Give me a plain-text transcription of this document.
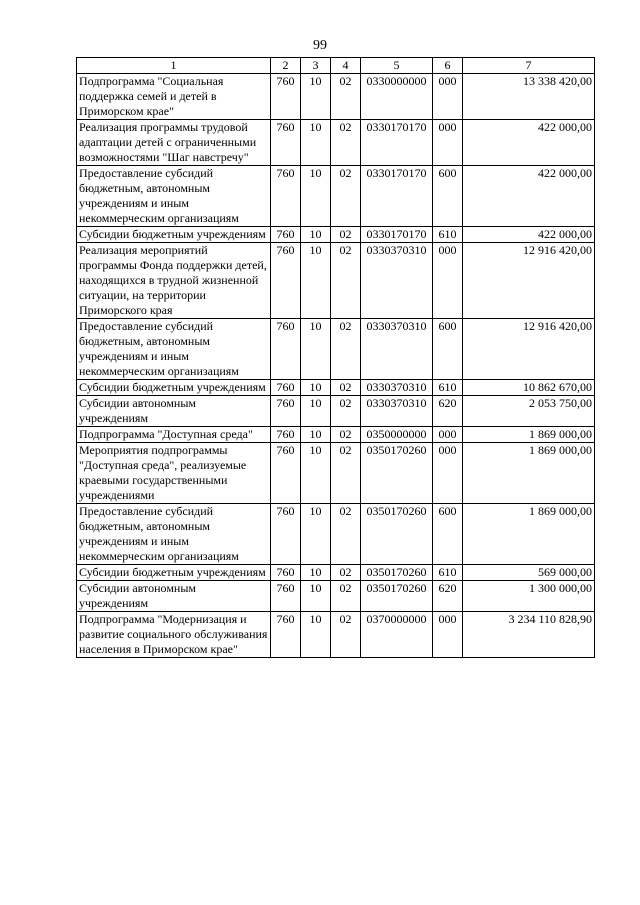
99
1	2	3	4	5	6	7
Подпрограмма "Социальная поддержка семей и детей в Приморском крае"	760	10	02	0330000000	000	13 338 420,00
Реализация программы трудовой адаптации детей с ограниченными возможностями "Шаг навстречу"	760	10	02	0330170170	000	422 000,00
Предоставление субсидий бюджетным, автономным учреждениям и иным некоммерческим организациям	760	10	02	0330170170	600	422 000,00
Субсидии бюджетным учреждениям	760	10	02	0330170170	610	422 000,00
Реализация мероприятий программы Фонда поддержки детей, находящихся в трудной жизненной ситуации, на территории Приморского края	760	10	02	0330370310	000	12 916 420,00
Предоставление субсидий бюджетным, автономным учреждениям и иным некоммерческим организациям	760	10	02	0330370310	600	12 916 420,00
Субсидии бюджетным учреждениям	760	10	02	0330370310	610	10 862 670,00
Субсидии автономным учреждениям	760	10	02	0330370310	620	2 053 750,00
Подпрограмма "Доступная среда"	760	10	02	0350000000	000	1 869 000,00
Мероприятия подпрограммы "Доступная среда", реализуемые краевыми государственными учреждениями	760	10	02	0350170260	000	1 869 000,00
Предоставление субсидий бюджетным, автономным учреждениям и иным некоммерческим организациям	760	10	02	0350170260	600	1 869 000,00
Субсидии бюджетным учреждениям	760	10	02	0350170260	610	569 000,00
Субсидии автономным учреждениям	760	10	02	0350170260	620	1 300 000,00
Подпрограмма "Модернизация и развитие социального обслуживания населения в Приморском крае"	760	10	02	0370000000	000	3 234 110 828,90
